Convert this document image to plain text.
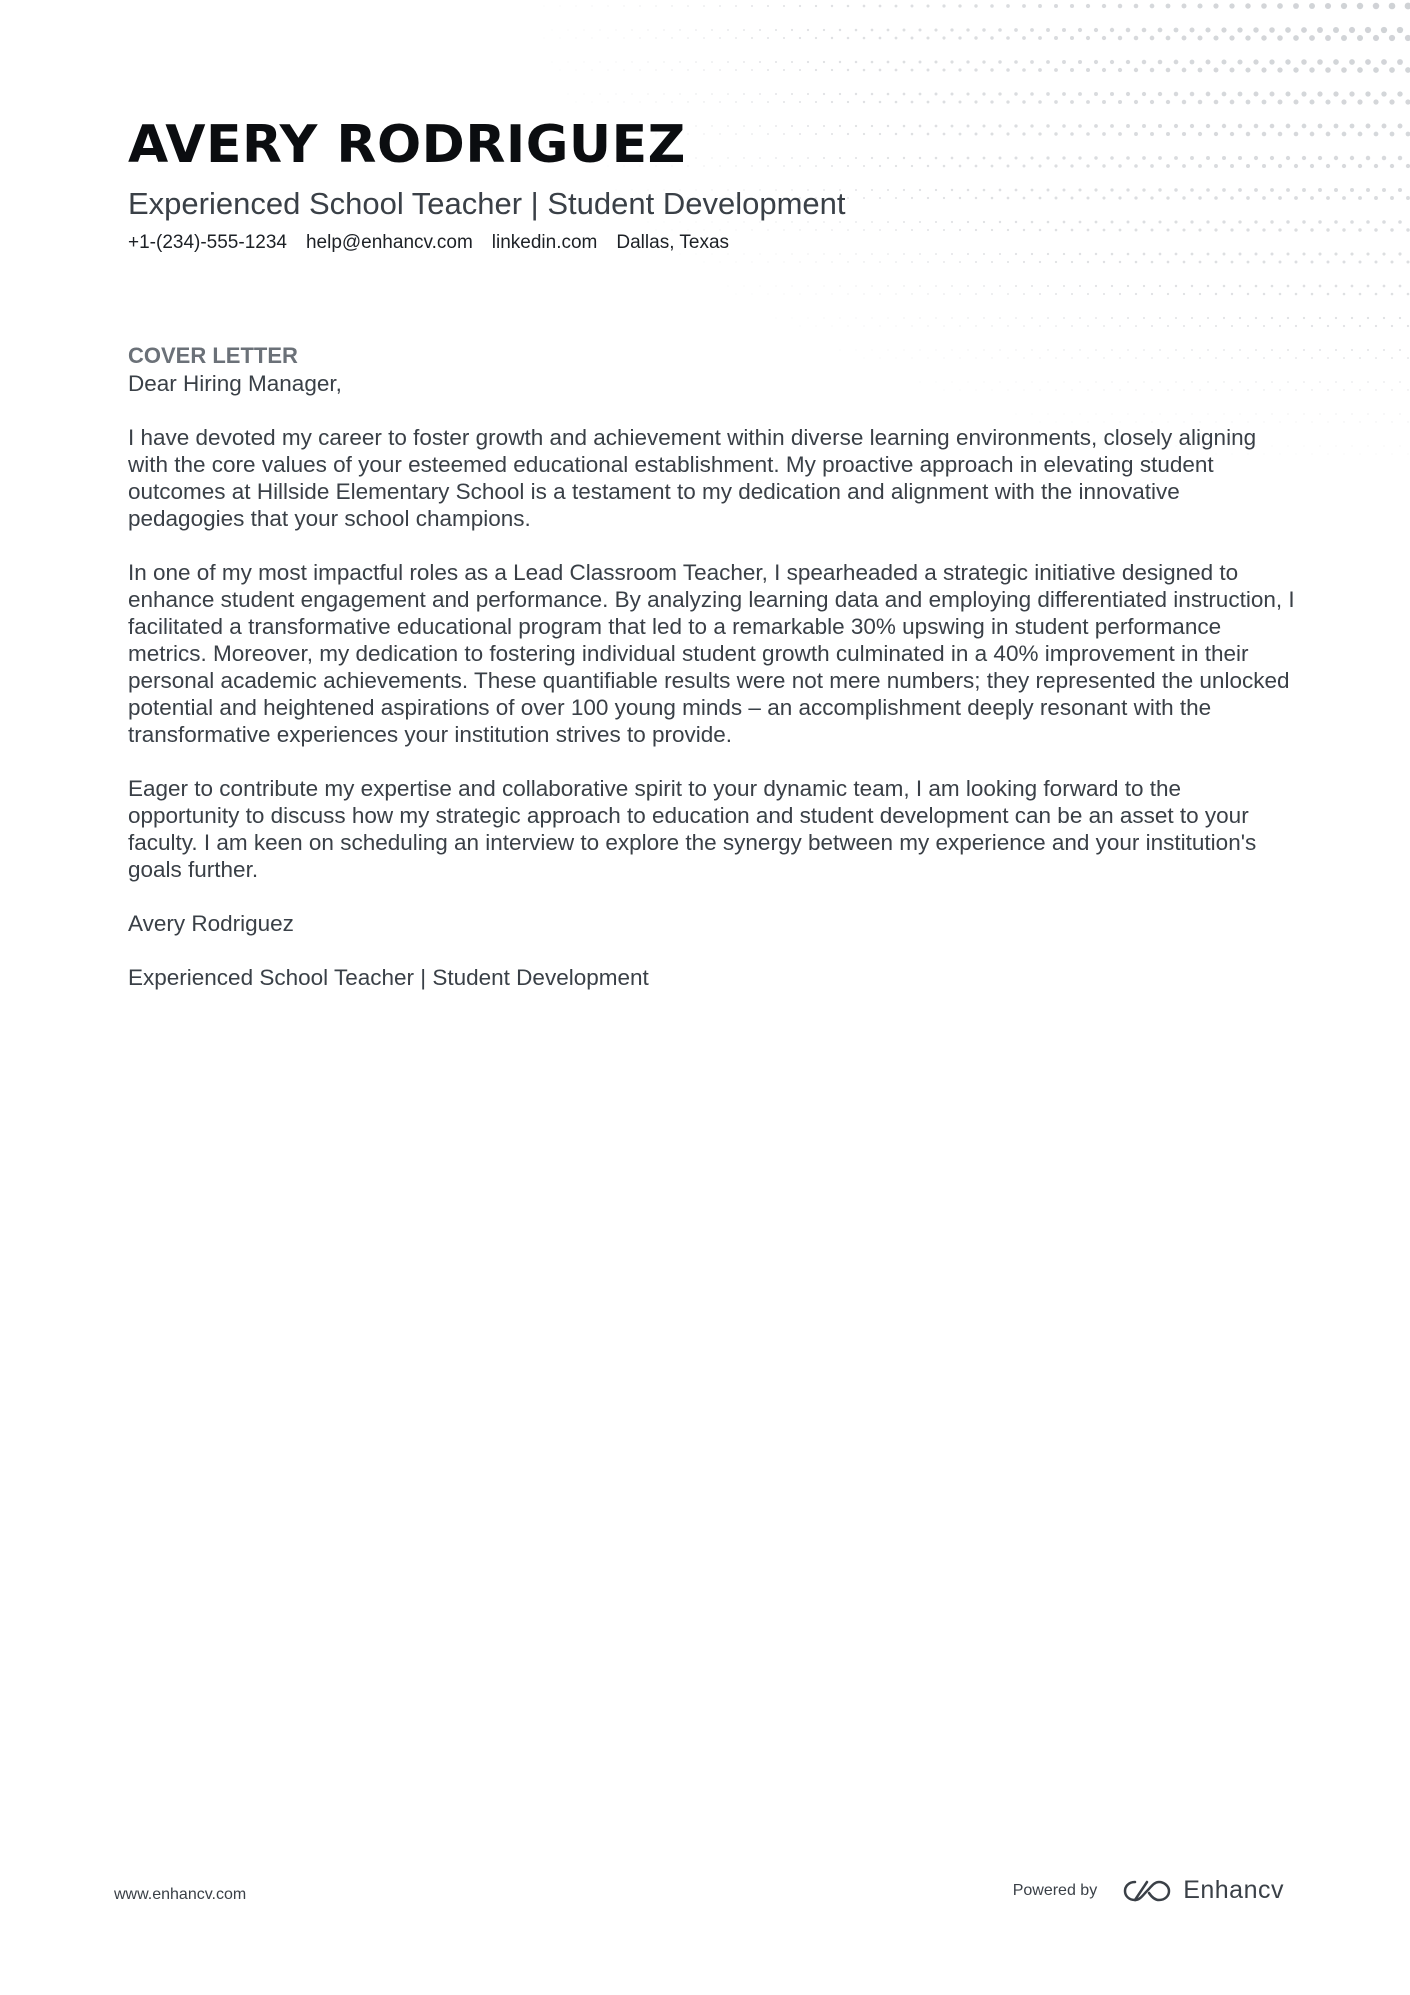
AVERY RODRIGUEZ
Experienced School Teacher | Student Development
+1-(234)-555-1234 help@enhancv.com linkedin.com Dallas, Texas
COVER LETTER

Dear Hiring Manager,

I have devoted my career to foster growth and achievement within diverse learning environments, closely aligning with the core values of your esteemed educational establishment. My proactive approach in elevating student outcomes at Hillside Elementary School is a testament to my dedication and alignment with the innovative pedagogies that your school champions.

In one of my most impactful roles as a Lead Classroom Teacher, I spearheaded a strategic initiative designed to enhance student engagement and performance. By analyzing learning data and employing differentiated instruction, I facilitated a transformative educational program that led to a remarkable 30% upswing in student performance metrics. Moreover, my dedication to fostering individual student growth culminated in a 40% improvement in their personal academic achievements. These quantifiable results were not mere numbers; they represented the unlocked potential and heightened aspirations of over 100 young minds – an accomplishment deeply resonant with the transformative experiences your institution strives to provide.

Eager to contribute my expertise and collaborative spirit to your dynamic team, I am looking forward to the opportunity to discuss how my strategic approach to education and student development can be an asset to your faculty. I am keen on scheduling an interview to explore the synergy between my experience and your institution's goals further.

Avery Rodriguez

Experienced School Teacher | Student Development

www.enhancv.com	Powered by	Enhancv
